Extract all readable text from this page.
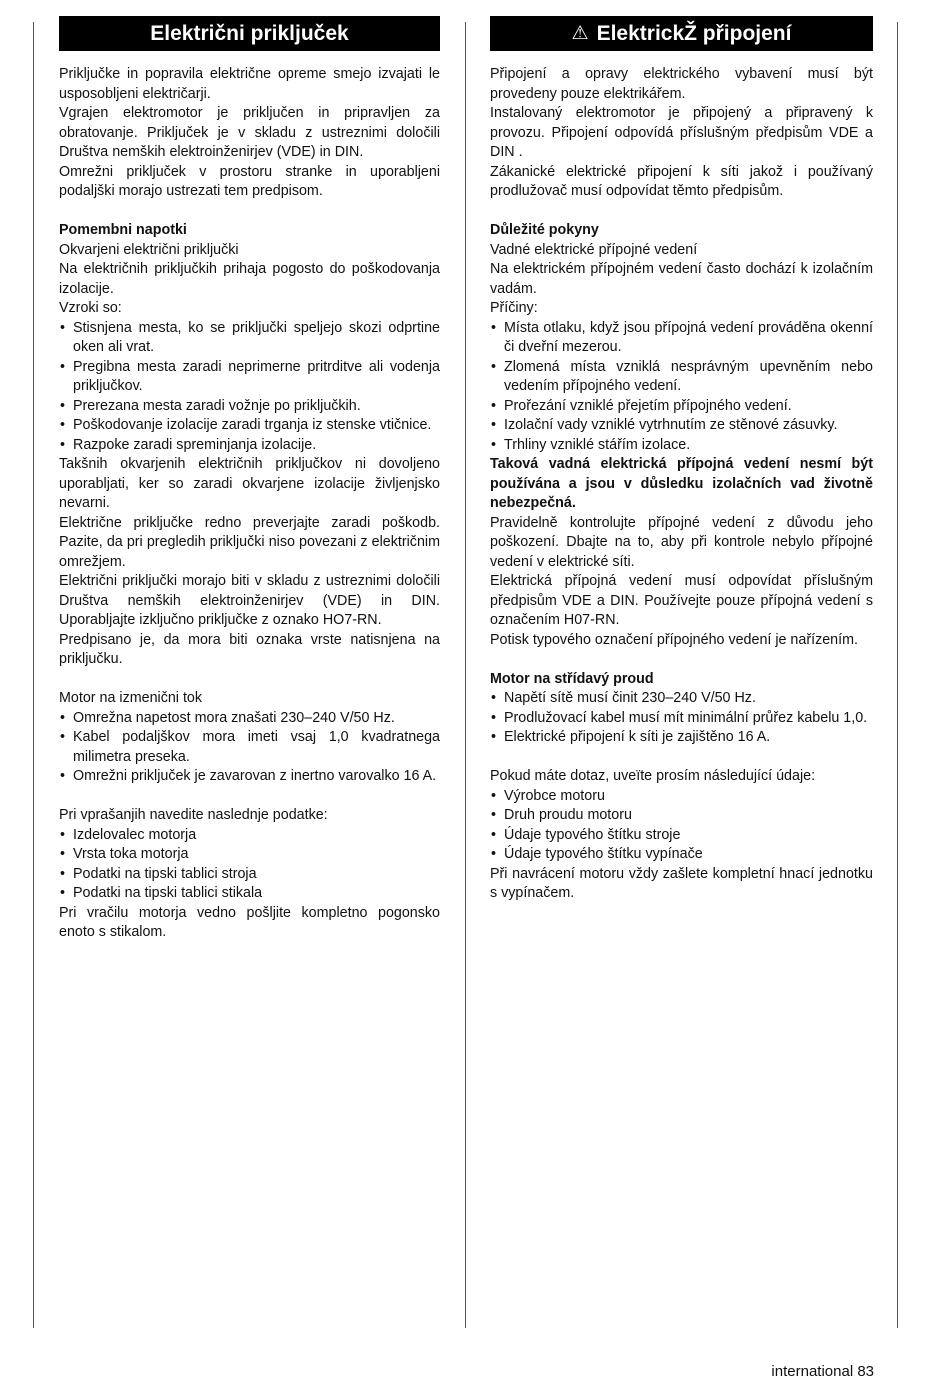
Električni priključek

Priključke in popravila električne opreme smejo izvajati le usposobljeni električarji.

Vgrajen elektromotor je priključen in pripravljen za obratovanje. Priključek je v skladu z ustreznimi določili Društva nemških elektroinženirjev (VDE) in DIN.

Omrežni priključek v prostoru stranke in uporabljeni podaljški morajo ustrezati tem predpisom.

Pomembni napotki

Okvarjeni električni priključki

Na električnih priključkih prihaja pogosto do poškodovanja izolacije.

Vzroki so:

• Stisnjena mesta, ko se priključki speljejo skozi odprtine oken ali vrat.
• Pregibna mesta zaradi neprimerne pritrditve ali vodenja priključkov.
• Prerezana mesta zaradi vožnje po priključkih.
• Poškodovanje izolacije zaradi trganja iz stenske vtičnice.
• Razpoke zaradi spreminjanja izolacije.

Takšnih okvarjenih električnih priključkov ni dovoljeno uporabljati, ker so zaradi okvarjene izolacije življenjsko nevarni.

Električne priključke redno preverjajte zaradi poškodb. Pazite, da pri pregledih priključki niso povezani z električnim omrežjem.

Električni priključki morajo biti v skladu z ustreznimi določili Društva nemških elektroinženirjev (VDE) in DIN. Uporabljajte izključno priključke z oznako HO7-RN.

Predpisano je, da mora biti oznaka vrste natisnjena na priključku.

Motor na izmenični tok

• Omrežna napetost mora znašati 230–240 V/50 Hz.
• Kabel podaljškov mora imeti vsaj 1,0 kvadratnega milimetra preseka.
• Omrežni priključek je zavarovan z inertno varovalko 16 A.

Pri vprašanjih navedite naslednje podatke:

• Izdelovalec motorja
• Vrsta toka motorja
• Podatki na tipski tablici stroja
• Podatki na tipski tablici stikala

Pri vračilu motorja vedno pošljite kompletno pogonsko enoto s stikalom.

⚠ ElektrickŽ připojení

Připojení a opravy elektrického vybavení musí být provedeny pouze elektrikářem.

Instalovaný elektromotor je připojený a připravený k provozu. Připojení odpovídá příslušným předpisům VDE a DIN .

Zákanické elektrické připojení k síti jakož i používaný prodlužovač musí odpovídat těmto předpisům.

Důležité pokyny

Vadné elektrické přípojné vedení

Na elektrickém přípojném vedení často dochází k izolačním vadám.

Příčiny:

• Místa otlaku, když jsou přípojná vedení prováděna okenní či dveřní mezerou.
• Zlomená místa vzniklá nesprávným upevněním nebo vedením přípojného vedení.
• Prořezání vzniklé přejetím přípojného vedení.
• Izolační vady vzniklé vytrhnutím ze stěnové zásuvky.
• Trhliny vzniklé stářím izolace.

Taková vadná elektrická přípojná vedení nesmí být používána a jsou v důsledku izolačních vad životně nebezpečná.

Pravidelně kontrolujte přípojné vedení z důvodu jeho poškození. Dbajte na to, aby při kontrole nebylo přípojné vedení v elektrické síti.

Elektrická přípojná vedení musí odpovídat příslušným předpisům VDE a DIN. Používejte pouze přípojná vedení s označením H07-RN.

Potisk typového označení přípojného vedení je nařízením.

Motor na střídavý proud

• Napětí sítě musí činit 230–240 V/50 Hz.
• Prodlužovací kabel musí mít minimální průřez kabelu 1,0.
• Elektrické připojení k síti je zajištěno 16 A.

Pokud máte dotaz, uveïte prosím následující údaje:

• Výrobce motoru
• Druh proudu motoru
• Údaje typového štítku stroje
• Údaje typového štítku vypínače

Při navrácení motoru vždy zašlete kompletní hnací jednotku s vypínačem.

international 83
